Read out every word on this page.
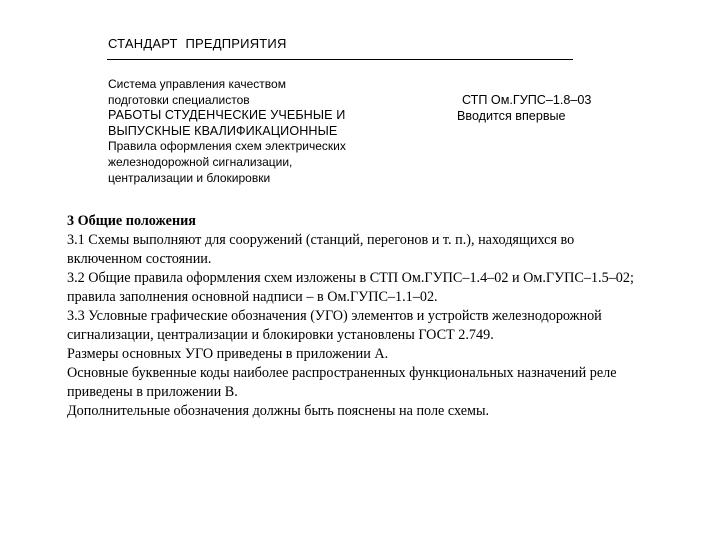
СТАНДАРТ ПРЕДПРИЯТИЯ
Система управления качеством
подготовки специалистов
РАБОТЫ СТУДЕНЧЕСКИЕ УЧЕБНЫЕ И
ВЫПУСКНЫЕ КВАЛИФИКАЦИОННЫЕ
Правила оформления схем электрических
железнодорожной сигнализации,
централизации и блокировки
СТП Ом.ГУПС–1.8–03
Вводится впервые
3 Общие положения
3.1 Схемы выполняют для сооружений (станций, перегонов и т. п.), находящихся во
включенном состоянии.
3.2 Общие правила оформления схем изложены в СТП Ом.ГУПС–1.4–02 и Ом.ГУПС–1.5–02;
правила заполнения основной надписи – в Ом.ГУПС–1.1–02.
3.3 Условные графические обозначения (УГО) элементов и устройств железнодорожной
сигнализации, централизации и блокировки установлены ГОСТ 2.749.
Размеры основных УГО приведены в приложении А.
Основные буквенные коды наиболее распространенных функциональных назначений реле
приведены в приложении В.
Дополнительные обозначения должны быть пояснены на поле схемы.
